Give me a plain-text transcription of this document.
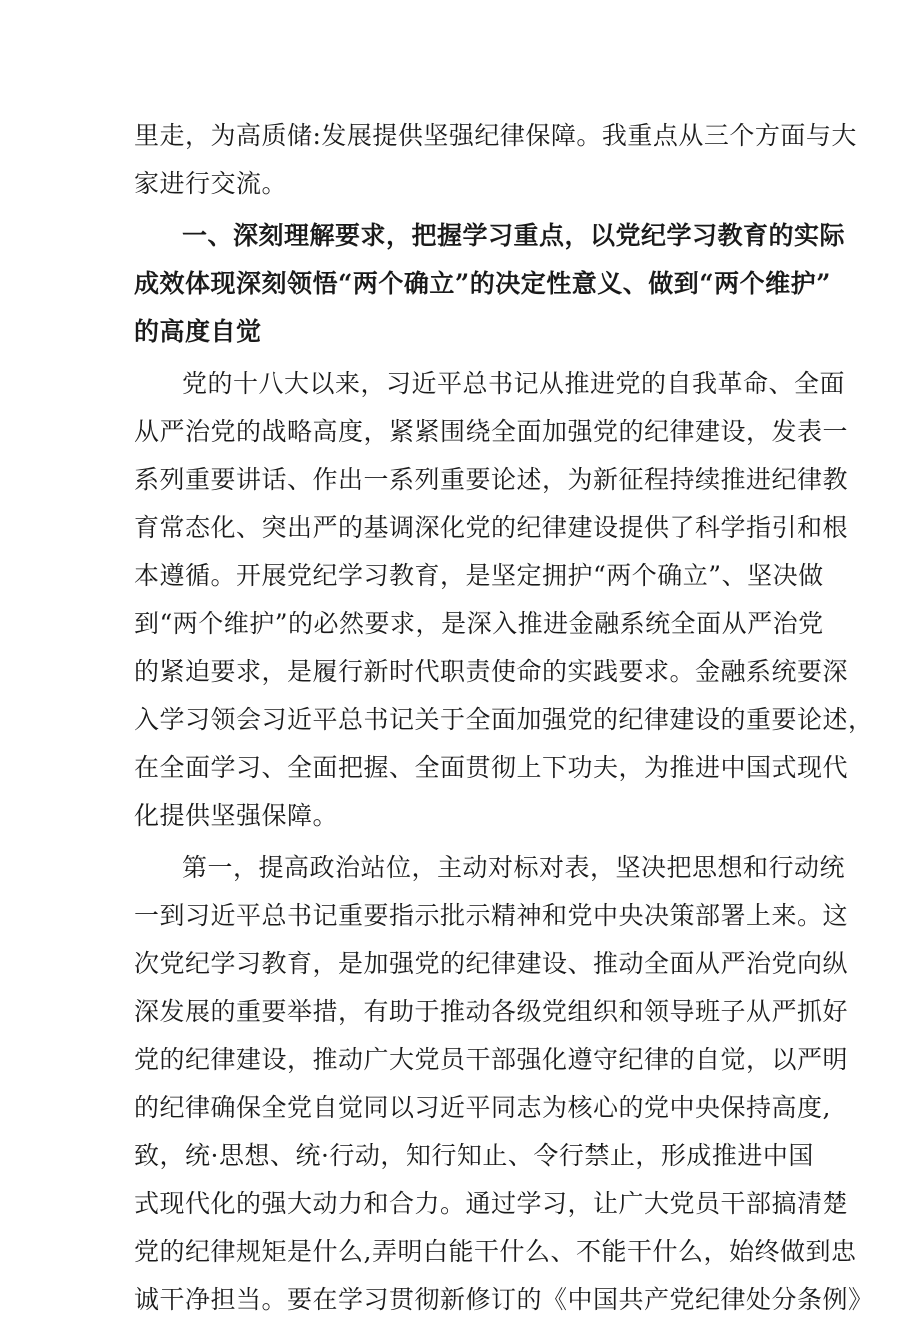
里走，为高质储:发展提供坚强纪律保障。我重点从三个方面与大
家进行交流。
一、深刻理解要求，把握学习重点，以党纪学习教育的实际
成效体现深刻领悟“两个确立”的决定性意义、做到“两个维护”
的高度自觉
党的十八大以来，习近平总书记从推进党的自我革命、全面
从严治党的战略高度，紧紧围绕全面加强党的纪律建设，发表一
系列重要讲话、作出一系列重要论述，为新征程持续推进纪律教
育常态化、突出严的基调深化党的纪律建设提供了科学指引和根
本遵循。开展党纪学习教育，是坚定拥护“两个确立”、坚决做
到“两个维护”的必然要求，是深入推进金融系统全面从严治党
的紧迫要求，是履行新时代职责使命的实践要求。金融系统要深
入学习领会习近平总书记关于全面加强党的纪律建设的重要论述，
在全面学习、全面把握、全面贯彻上下功夫，为推进中国式现代
化提供坚强保障。
第一，提高政治站位，主动对标对表，坚决把思想和行动统
一到习近平总书记重要指示批示精神和党中央决策部署上来。这
次党纪学习教育，是加强党的纪律建设、推动全面从严治党向纵
深发展的重要举措，有助于推动各级党组织和领导班子从严抓好
党的纪律建设，推动广大党员干部强化遵守纪律的自觉，以严明
的纪律确保全党自觉同以习近平同志为核心的党中央保持高度,
致，统·思想、统·行动，知行知止、令行禁止，形成推进中国
式现代化的强大动力和合力。通过学习，让广大党员干部搞清楚
党的纪律规矩是什么,弄明白能干什么、不能干什么，始终做到忠
诚干净担当。要在学习贯彻新修订的《中国共产党纪律处分条例》
